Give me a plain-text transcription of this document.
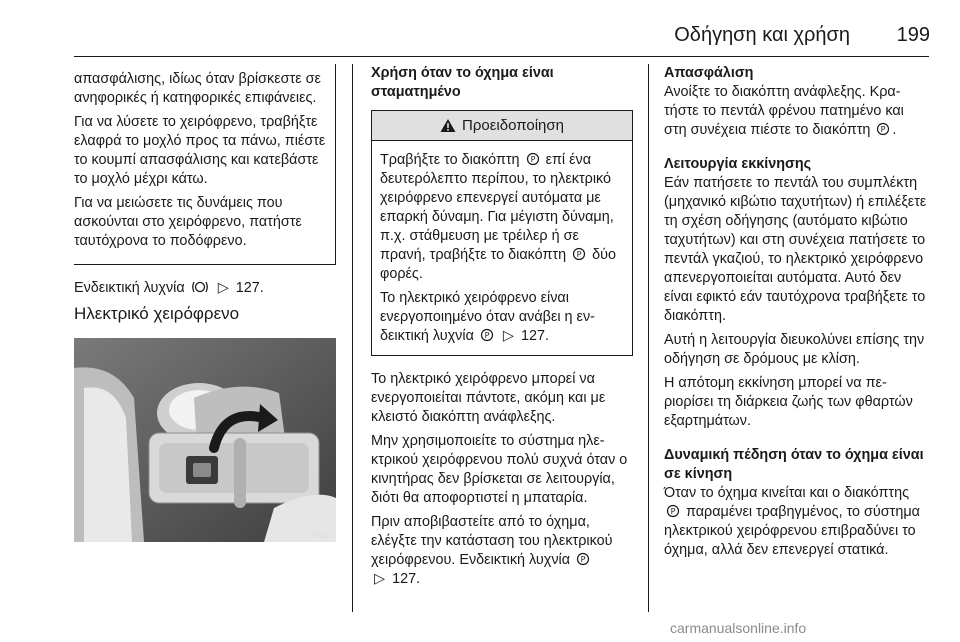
Οδήγηση και χρήση	199

απασφάλισης, ιδίως όταν βρίσκεστε σε ανηφορικές ή κατηφορικές επιφάνειες.

Για να λύσετε το χειρόφρενο, τραβήξτε ελαφρά το μοχλό προς τα πάνω, πιέστε το κουμπί απασφάλισης και κατεβάστε το μοχλό μέχρι κάτω.

Για να μειώσετε τις δυνάμεις που ασκούνται στο χειρόφρενο, πατήστε ταυτόχρονα το ποδόφρενο.

Ενδεικτική λυχνία ▷ 127.

Ηλεκτρικό χειρόφρενο
9551
Χρήση όταν το όχημα είναι
σταματημένο
Προειδοποίηση

Τραβήξτε το διακόπτη P επί ένα δευτερόλεπτο περίπου, το ηλεκτρικό χειρόφρενο επενεργεί αυτόματα με επαρκή δύναμη. Για μέγιστη δύναμη, π.χ. στάθμευση με τρέιλερ ή σε πρανή, τραβήξτε το διακόπτη P δύο φορές.

Το ηλεκτρικό χειρόφρενο είναι ενεργοποιημένο όταν ανάβει η ενδεικτική λυχνία P ▷ 127.

Το ηλεκτρικό χειρόφρενο μπορεί να ενεργοποιείται πάντοτε, ακόμη και με κλειστό διακόπτη ανάφλεξης.

Μην χρησιμοποιείτε το σύστημα ηλεκτρικού χειρόφρενου πολύ συχνά όταν ο κινητήρας δεν βρίσκεται σε λειτουργία, διότι θα αποφορτιστεί η μπαταρία.

Πριν αποβιβαστείτε από το όχημα, ελέγξτε την κατάσταση του ηλεκτρικού χειρόφρενου. Ενδεικτική λυχνία P

▷ 127.

Απασφάλιση

Ανοίξτε το διακόπτη ανάφλεξης. Κρατήστε το πεντάλ φρένου πατημένο και στη συνέχεια πιέστε το διακόπτη P .

Λειτουργία εκκίνησης

Εάν πατήσετε το πεντάλ του συμπλέκτη (μηχανικό κιβώτιο ταχυτήτων) ή επιλέξετε τη σχέση οδήγησης (αυτόματο κιβώτιο ταχυτήτων) και στη συνέχεια πατήσετε το πεντάλ γκαζιού, το ηλεκτρικό χειρόφρενο απενεργοποιείται αυτόματα. Αυτό δεν είναι εφικτό εάν ταυτόχρονα τραβήξετε το διακόπτη.

Αυτή η λειτουργία διευκολύνει επίσης την οδήγηση σε δρόμους με κλίση.

Η απότομη εκκίνηση μπορεί να περιορίσει τη διάρκεια ζωής των φθαρτών εξαρτημάτων.

Δυναμική πέδηση όταν το όχημα είναι σε κίνηση

Όταν το όχημα κινείται και ο διακόπτης
P παραμένει τραβηγμένος, το σύστημα ηλεκτρικού χειρόφρενου επιβραδύνει το όχημα, αλλά δεν επενεργεί στατικά.

carmanualsonline.info
